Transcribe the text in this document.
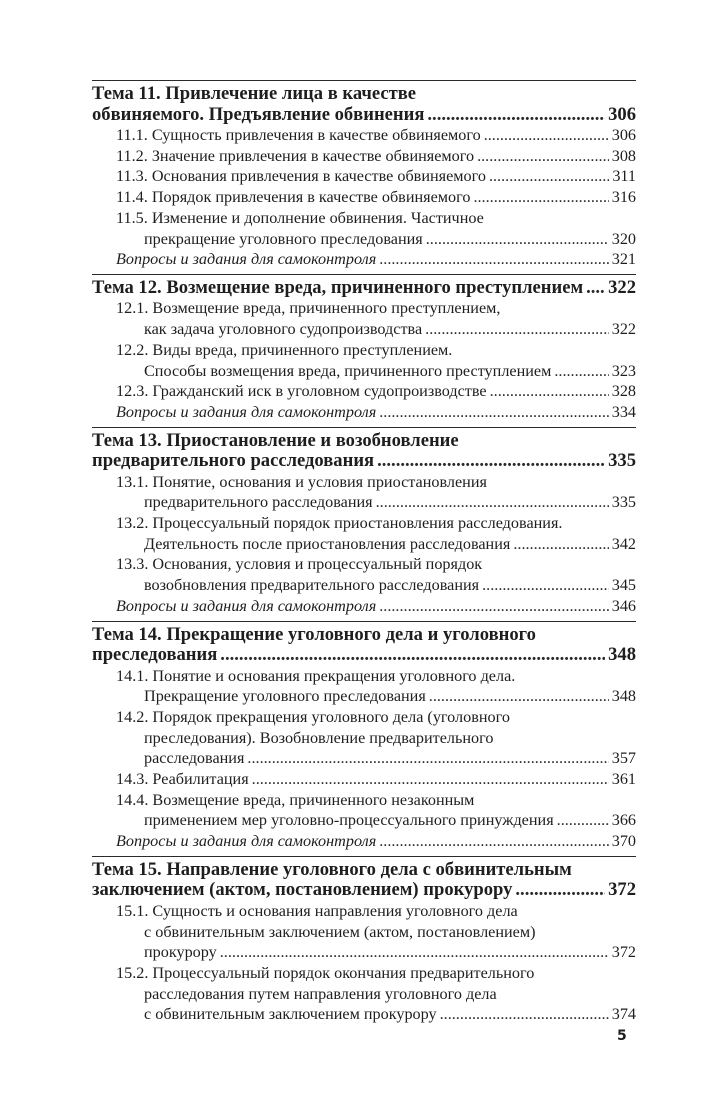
Тема 11. Привлечение лица в качестве
обвиняемого. Предъявление обвинения .....	306
11.1. Сущность привлечения в качестве обвиняемого .....	306
11.2. Значение привлечения в качестве обвиняемого .....	308
11.3. Основания привлечения в качестве обвиняемого .....	311
11.4. Порядок привлечения в качестве обвиняемого .....	316
11.5. Изменение и дополнение обвинения. Частичное
прекращение уголовного преследования .....	320
Вопросы и задания для самоконтроля .....	321
Тема 12. Возмещение вреда, причиненного преступлением ..... 322
12.1. Возмещение вреда, причиненного преступлением,
как задача уголовного судопроизводства .....	322
12.2. Виды вреда, причиненного преступлением.
Способы возмещения вреда, причиненного преступлением .....	323
12.3. Гражданский иск в уголовном судопроизводстве .....	328
Вопросы и задания для самоконтроля .....	334
Тема 13. Приостановление и возобновление
предварительного расследования .....	335
13.1. Понятие, основания и условия приостановления
предварительного расследования .....	335
13.2. Процессуальный порядок приостановления расследования.
Деятельность после приостановления расследования .....	342
13.3. Основания, условия и процессуальный порядок
возобновления предварительного расследования .....	345
Вопросы и задания для самоконтроля .....	346
Тема 14. Прекращение уголовного дела и уголовного
преследования .....	348
14.1. Понятие и основания прекращения уголовного дела.
Прекращение уголовного преследования .....	348
14.2. Порядок прекращения уголовного дела (уголовного
преследования). Возобновление предварительного
расследования .....	357
14.3. Реабилитация .....	361
14.4. Возмещение вреда, причиненного незаконным
применением мер уголовно-процессуального принуждения .....	366
Вопросы и задания для самоконтроля .....	370
Тема 15. Направление уголовного дела с обвинительным
заключением (актом, постановлением) прокурору .....	372
15.1. Сущность и основания направления уголовного дела
с обвинительным заключением (актом, постановлением)
прокурору .....	372
15.2. Процессуальный порядок окончания предварительного
расследования путем направления уголовного дела
с обвинительным заключением прокурору .....	374
5
